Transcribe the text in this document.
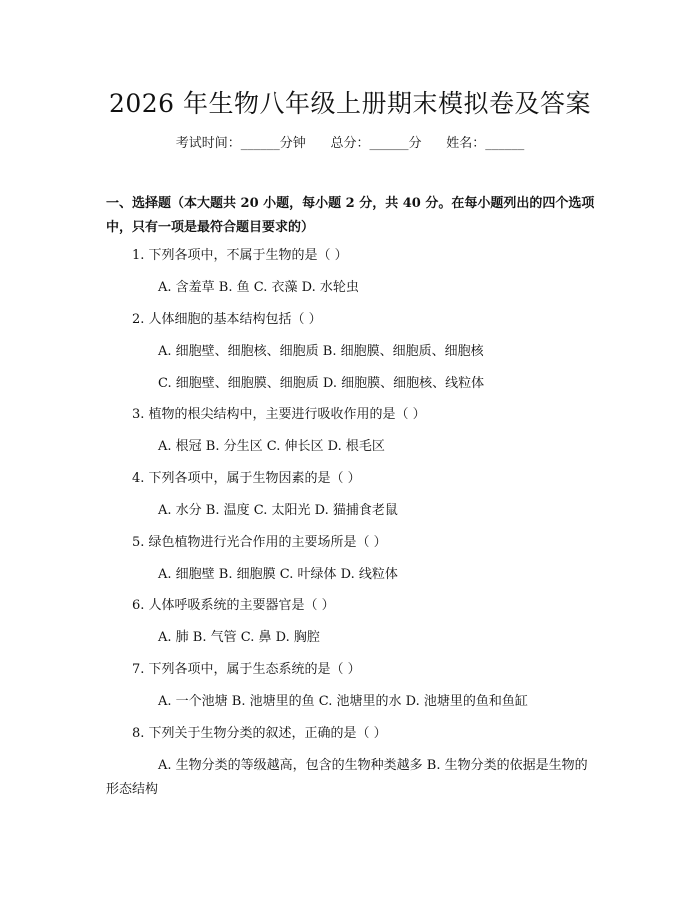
2026 年生物八年级上册期末模拟卷及答案
考试时间：______分钟      总分：______分      姓名：______
一、选择题（本大题共 20 小题，每小题 2 分，共 40 分。在每小题列出的四个选项中，只有一项是最符合题目要求的）
1. 下列各项中，不属于生物的是（ ）
A. 含羞草 B. 鱼 C. 衣藻 D. 水轮虫
2. 人体细胞的基本结构包括（ ）
A. 细胞壁、细胞核、细胞质 B. 细胞膜、细胞质、细胞核
C. 细胞壁、细胞膜、细胞质 D. 细胞膜、细胞核、线粒体
3. 植物的根尖结构中，主要进行吸收作用的是（ ）
A. 根冠 B. 分生区 C. 伸长区 D. 根毛区
4. 下列各项中，属于生物因素的是（ ）
A. 水分 B. 温度 C. 太阳光 D. 猫捕食老鼠
5. 绿色植物进行光合作用的主要场所是（ ）
A. 细胞壁 B. 细胞膜 C. 叶绿体 D. 线粒体
6. 人体呼吸系统的主要器官是（ ）
A. 肺 B. 气管 C. 鼻 D. 胸腔
7. 下列各项中，属于生态系统的是（ ）
A. 一个池塘 B. 池塘里的鱼 C. 池塘里的水 D. 池塘里的鱼和鱼缸
8. 下列关于生物分类的叙述，正确的是（ ）
A. 生物分类的等级越高，包含的生物种类越多 B. 生物分类的依据是生物的形态结构
